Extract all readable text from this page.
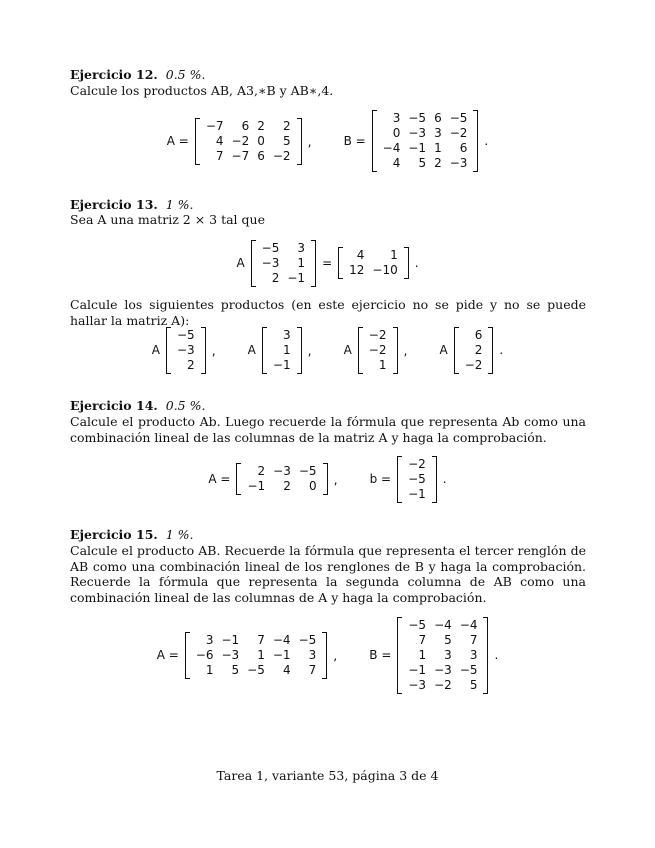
Ejercicio 12. 0.5 %.
Calcule los productos AB, A3,∗B y AB∗,4.
A =
−7	6	2	2
4	−2	0	5
7	−7	6	−2
,	B =
3	−5	6	−5
0	−3	3	−2
−4	−1	1	6
4	5	2	−3
.
Ejercicio 13. 1 %.
Sea A una matriz 2 × 3 tal que
A
−5	3
−3	1
2	−1
=
4	1
12	−10 .
Calcule los siguientes productos (en este ejercicio no se pide y no se puede hallar la matriz A):
A
−5
−3
2
,	A
3
1
−1
,	A
−2
−2
1
,	A
6
2
−2
.
Ejercicio 14. 0.5 %.
Calcule el producto Ab. Luego recuerde la fórmula que representa Ab como una combinación lineal de las columnas de la matriz A y haga la comprobación.
A =
2	−3	−5
−1	2	0 ,	b =
−2
−5
−1
.
Ejercicio 15. 1 %.
Calcule el producto AB. Recuerde la fórmula que representa el tercer renglón de AB como una combinación lineal de los renglones de B y haga la comprobación. Recuerde la fórmula que representa la segunda columna de AB como una combinación lineal de las columnas de A y haga la comprobación.
A =
3	−1	7	−4	−5
−6	−3	1	−1	3
1	5	−5	4	7
,	B =
−5	−4	−4
7	5	7
1	3	3
−1	−3	−5
−3	−2	5
.
Tarea 1, variante 53, página 3 de 4
